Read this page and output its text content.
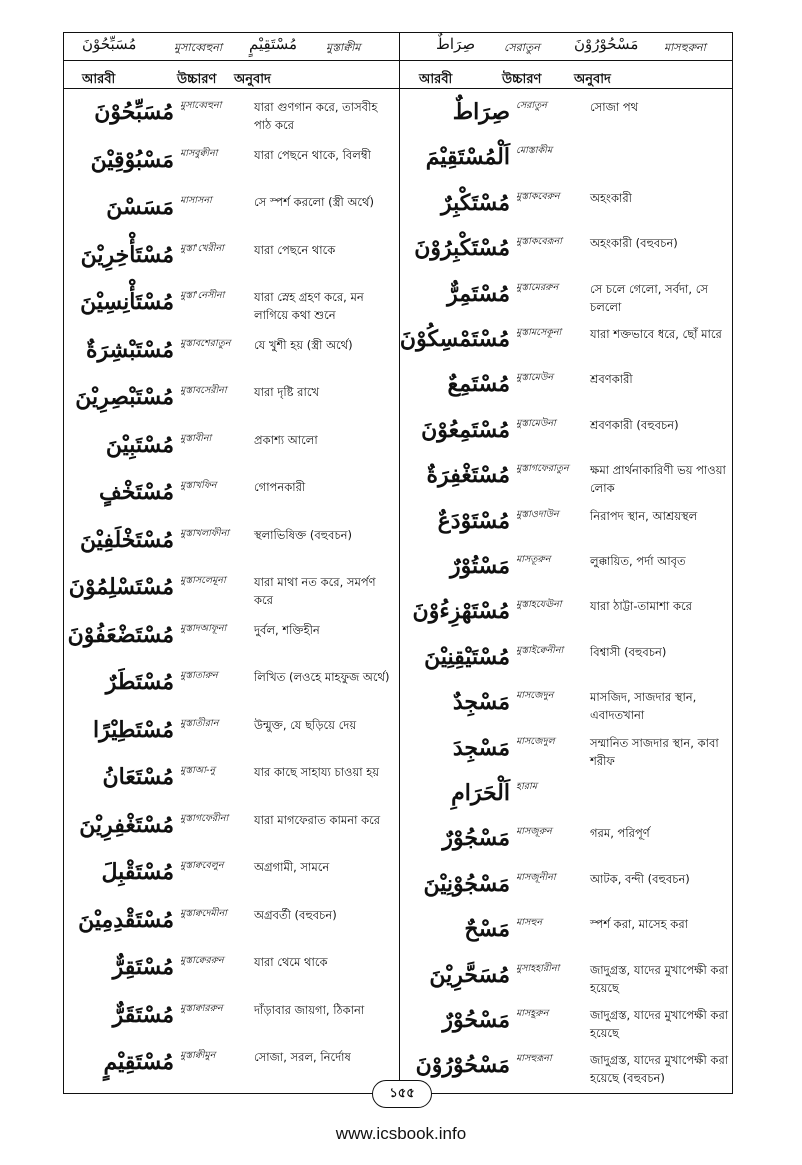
مُسَبِّحُوْنَ	মুসাব্বেহুনা مُسْتَقِيْمٍ	মুস্তাক্বীম	صِرَاطٌ	সেরাতুন مَسْحُوْرُوْنَ মাসহুরুনা
আরবী	উচ্চারণ অনুবাদ	আরবী	উচ্চারণ	অনুবাদ
مُسَبِّحُوْنَ মুসাব্বেহুনা	যারা গুণগান করে, তাসবীহ পাঠ করে
مَسْبُوْقِيْنَ মাসবুক্বীনা	যারা পেছনে থাকে, বিলম্বী
مَسَسْنَ মাসাসনা	সে স্পর্শ করলো (স্ত্রী অর্থে)
مُسْتَأْخِرِيْنَ মুস্তা'খেরীনা	যারা পেছনে থাকে
مُسْتَأْنِسِيْنَ মুস্তা'নেসীনা	যারা স্নেহ গ্রহণ করে, মন লাগিয়ে কথা শুনে
مُسْتَبْشِرَةٌ মুস্তাবশেরাতুন	যে খুশী হয় (স্ত্রী অর্থে)
مُسْتَبْصِرِيْنَ মুস্তাবসেরীনা	যারা দৃষ্টি রাখে
مُسْتَبِيْنَ মুস্তাবীনা	প্রকাশ্য আলো
مُسْتَخْفٍ মুস্তাখফিন	গোপনকারী
مُسْتَخْلَفِيْنَ মুস্তাখলাফীনা	স্থলাভিষিক্ত (বহুবচন)
مُسْتَسْلِمُوْنَ মুস্তাসলেমূনা	যারা মাথা নত করে, সমর্পণ করে
مُسْتَضْعَفُوْنَ মুস্তাদআফূনা	দুর্বল, শক্তিহীন
مُسْتَطَرٌ মুস্তাতারুন	লিখিত (লওহে মাহফুজ অর্থে)
مُسْتَطِيْرًا মুস্তাতীরান	উন্মুক্ত, যে ছড়িয়ে দেয়
مُسْتَعَانُ মুস্তাআ-নু	যার কাছে সাহায্য চাওয়া হয়
مُسْتَغْفِرِيْنَ মুস্তাগফেরীনা	যারা মাগফেরাত কামনা করে
مُسْتَقْبِلَ মুস্তাক্ববেলুন	অগ্রগামী, সামনে
مُسْتَقْدِمِيْنَ মুস্তাক্বদেমীনা	অগ্রবর্তী (বহুবচন)
مُسْتَقِرٌّ মুস্তাক্বেররুন	যারা থেমে থাকে
مُسْتَقَرٌّ মুস্তাক্বাররুন	দাঁড়াবার জায়গা, ঠিকানা
مُسْتَقِيْمٍ মুস্তাক্বীমুন	সোজা, সরল, নির্দোষ
صِرَاطٌ সেরাতুন	সোজা পথ
اَلْمُسْتَقِيْمَ মোস্তাকীম
مُسْتَكْبِرٌ মুস্তাকবেরুন	অহংকারী
مُسْتَكْبِرُوْنَ মুস্তাকবেরূনা	অহংকারী (বহুবচন)
مُسْتَمِرٌّ মুস্তামেররুন	সে চলে গেলো, সর্বদা, সে চললো
مُسْتَمْسِكُوْنَ মুস্তামসেকূনা	যারা শক্তভাবে ধরে, ছোঁ মারে
مُسْتَمِعٌ মুস্তামেউন	শ্রবণকারী
مُسْتَمِعُوْنَ মুস্তামেউনা	শ্রবণকারী (বহুবচন)
مُسْتَغْفِرَةٌ মুস্তাগফেরাতুন	ক্ষমা প্রার্থনাকারিণী ভয় পাওয়া লোক
مُسْتَوْدَعٌ মুস্তাওদাউন	নিরাপদ স্থান, আশ্রয়স্থল
مَسْتُوْرٌ মাসতূরুন	লুক্কায়িত, পর্দা আবৃত
مُسْتَهْزِءُوْنَ মুস্তাহযেঊনা	যারা ঠাট্টা-তামাশা করে
مُسْتَيْقِنِيْنَ মুস্তাইক্বেনীনা	বিশ্বাসী (বহুবচন)
مَسْجِدٌ মাসজেদুন	মাসজিদ, সাজদার স্থান, এবাদতখানা
مَسْجِدَ মাসজেদুল	সম্মানিত সাজদার স্থান, কাবা শরীফ
اَلْحَرَامِ হারাম
مَسْجُوْرٌ মাসজূরুন	গরম, পরিপূর্ণ
مَسْجُوْنِيْنَ মাসজূনীনা	আটক, বন্দী (বহুবচন)
مَسْحٌ মাসহুন	স্পর্শ করা, মাসেহ করা
مُسَحَّرِيْنَ মুসাহহারীনা	জাদুগ্রস্ত, যাদের মুখাপেক্ষী করা হয়েছে
مَسْحُوْرٌ মাসহূরুন	জাদুগ্রস্ত, যাদের মুখাপেক্ষী করা হয়েছে
مَسْحُوْرُوْنَ মাসহুরূনা	জাদুগ্রস্ত, যাদের মুখাপেক্ষী করা হয়েছে (বহুবচন)
১৫৫
www.icsbook.info
